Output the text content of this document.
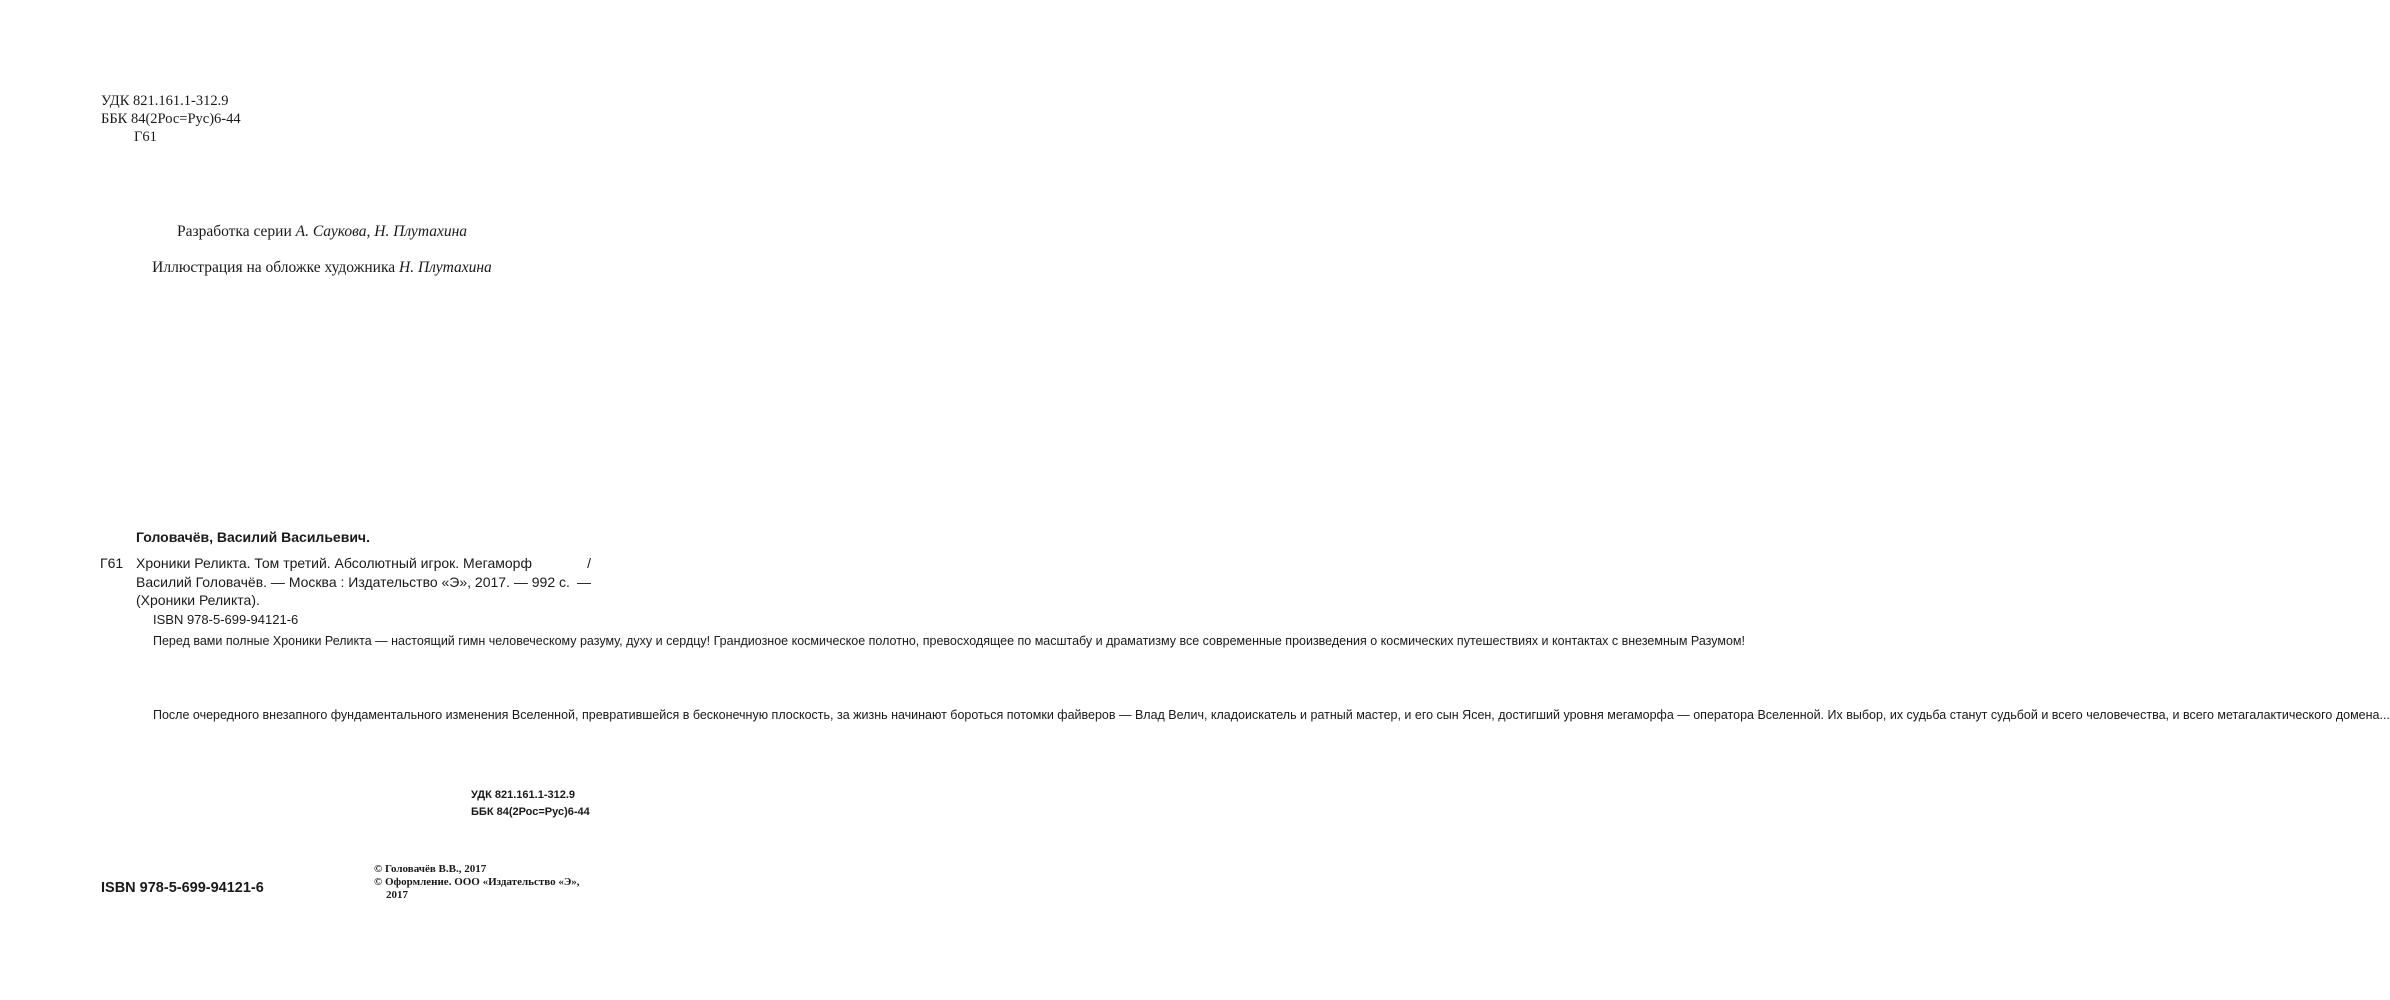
УДК 821.161.1-312.9
ББК 84(2Рос=Рус)6-44
Г61
Разработка серии А. Саукова, Н. Плутахина
Иллюстрация на обложке художника Н. Плутахина
Головачёв, Василий Васильевич.
Г61 Хроники Реликта. Том третий. Абсолютный игрок. Мегаморф	/
Василий Головачёв. — Москва : Издательство «Э», 2017. — 992 с. —
(Хроники Реликта).
ISBN 978-5-699-94121-6
Перед вами полные Хроники Реликта — настоящий гимн человеческому разуму, духу и сердцу! Грандиозное космическое полотно, превосходящее по масштабу и драматизму все современные произведения о космических путешествиях и контактах с внеземным Разумом!
После очередного внезапного фундаментального изменения Вселенной, превратившейся в бесконечную плоскость, за жизнь начинают бороться потомки файверов — Влад Велич, кладоискатель и ратный мастер, и его сын Ясен, достигший уровня мегаморфа — оператора Вселенной. Их выбор, их судьба станут судьбой и всего человечества, и всего метагалактического домена...
УДК 821.161.1-312.9
ББК 84(2Рос=Рус)6-44
© Головачёв В.В., 2017
© Оформление. ООО «Издательство «Э», 2017
ISBN 978-5-699-94121-6
